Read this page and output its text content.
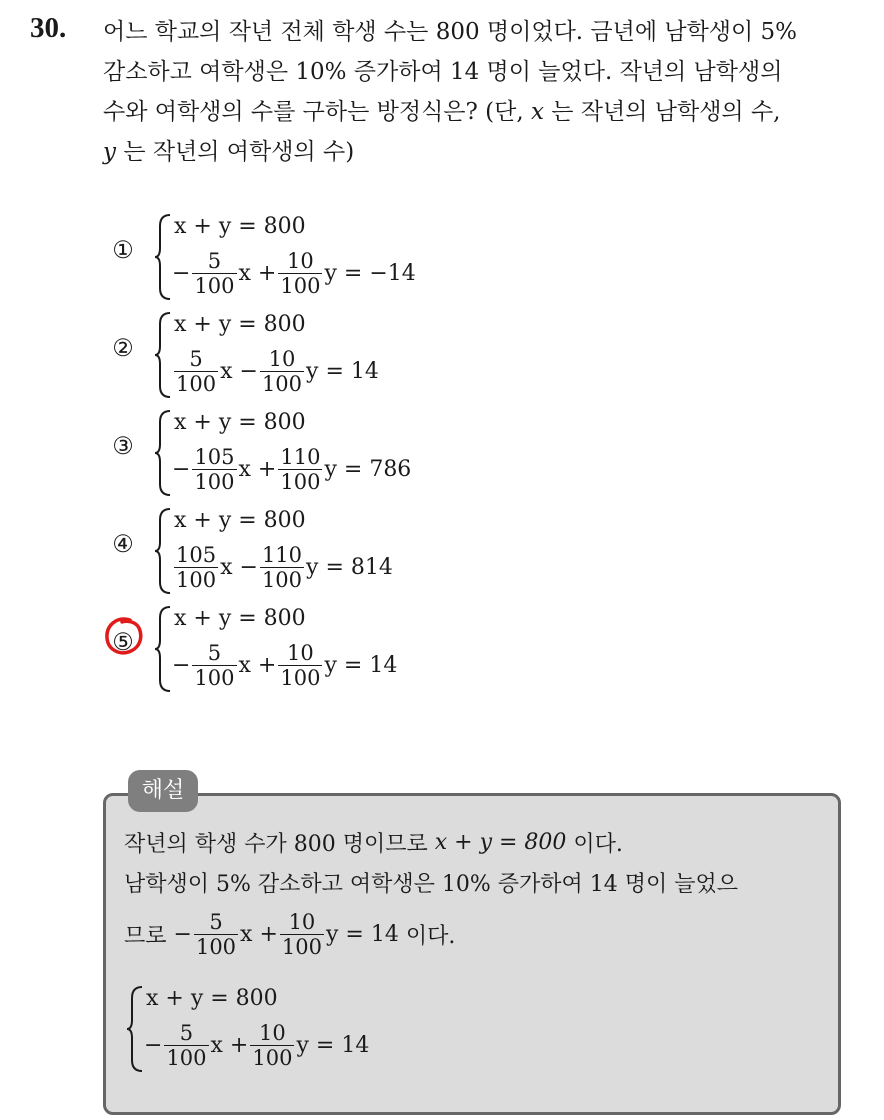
30. 어느 학교의 작년 전체 학생 수는 800 명이었다. 금년에 남학생이 5%
감소하고 여학생은 10% 증가하여 14 명이 늘었다. 작년의 남학생의
수와 여학생의 수를 구하는 방정식은? (단, x 는 작년의 남학생의 수,
y 는 작년의 여학생의 수)
①
x + y = 800
− $\frac{5}{100}$ $x + \frac{10}{100}$ y = −14
②
x + y = 800
$\frac{5}{100}$ $x - \frac{10}{100}$ y = 14
③
x + y = 800
− $\frac{105}{100}$ $x + \frac{110}{100}$ y = 786
④
x + y = 800
$\frac{105}{100}$ $x - \frac{110}{100}$ y = 814
⑤
x + y = 800
− $\frac{5}{100}$ $x + \frac{10}{100}$ y = 14
해설
작년의 학생 수가 800 명이므로
x + y = 800
이다.
남학생이 5% 감소하고 여학생은 10% 증가하여 14 명이 늘었으
므로
− $\frac{5}{100}$ $x + \frac{10}{100}$ y = 14
이다.
x + y = 800
− $\frac{5}{100}$ $x + \frac{10}{100}$ y = 14
